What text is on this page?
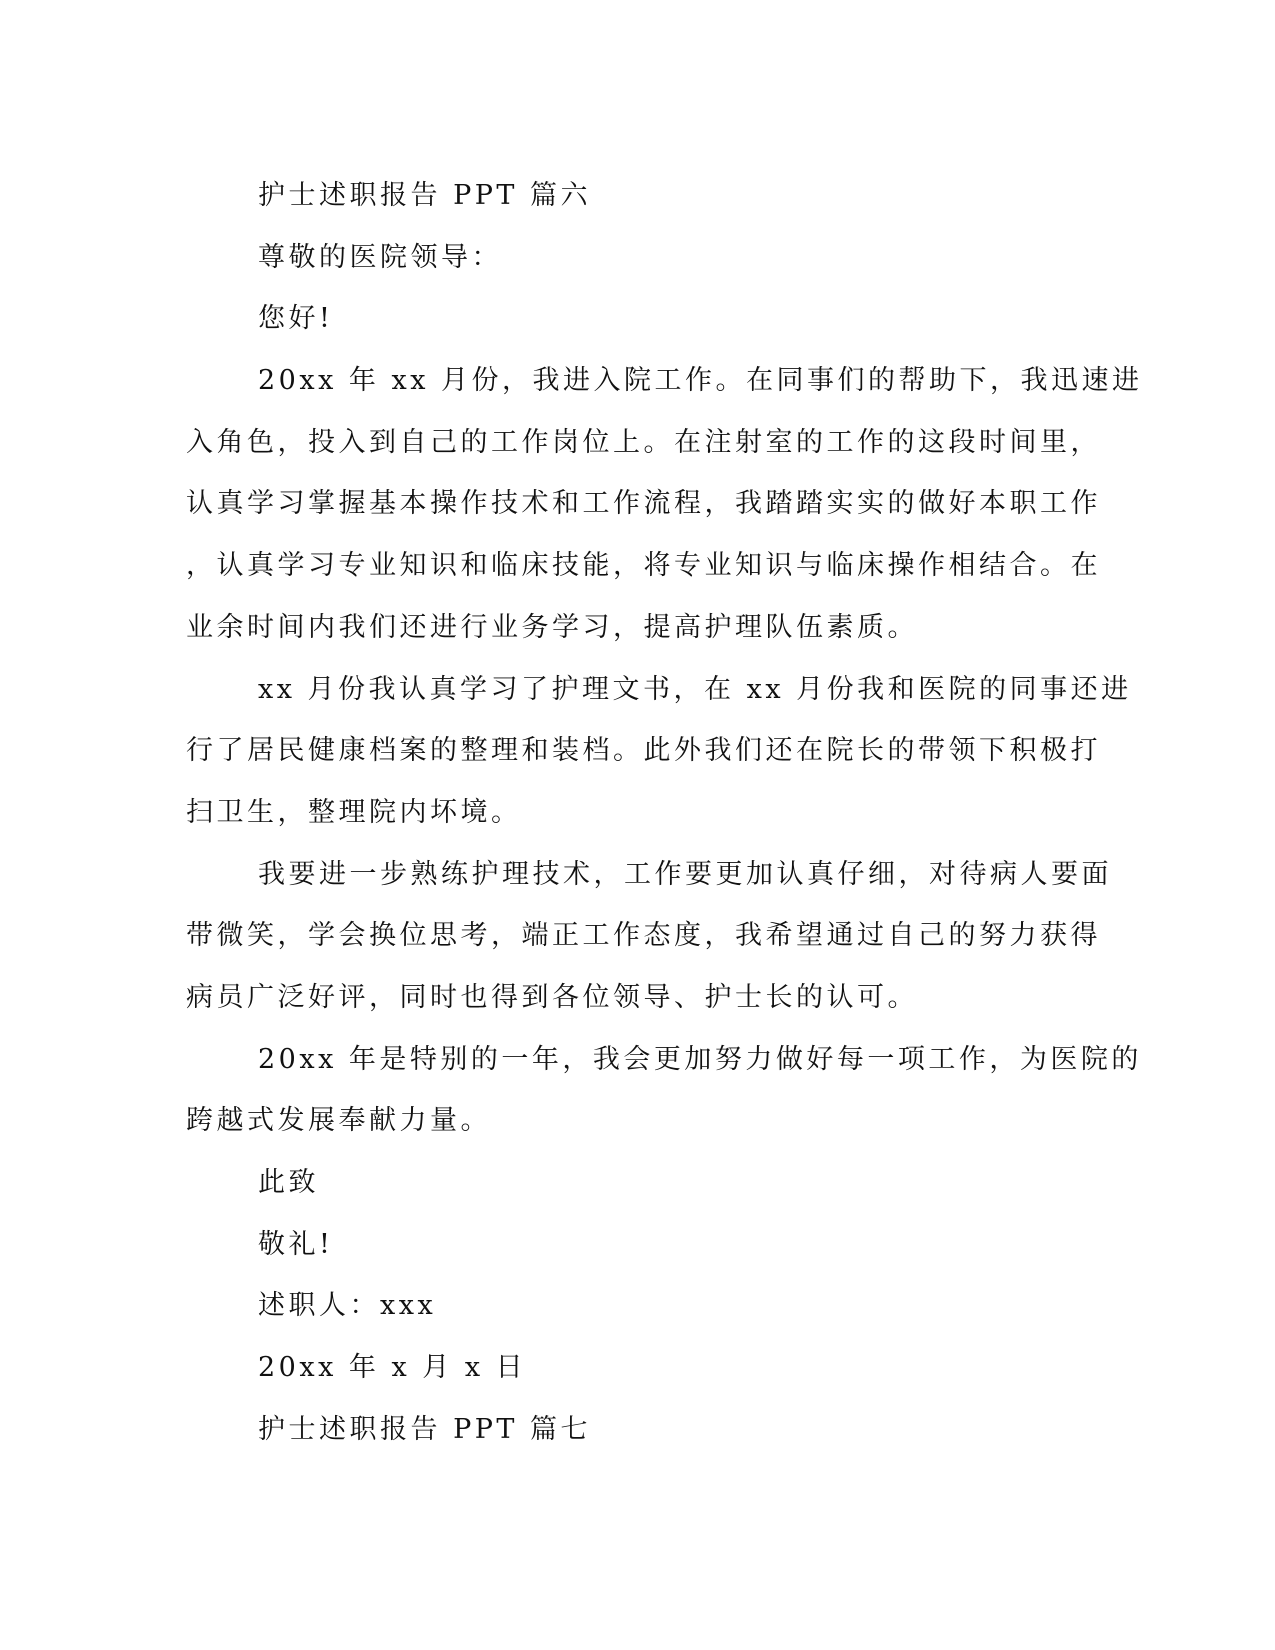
护士述职报告 PPT 篇六
尊敬的医院领导：
您好!
20xx 年 xx 月份，我进入院工作。在同事们的帮助下，我迅速进
入角色，投入到自己的工作岗位上。在注射室的工作的这段时间里，
认真学习掌握基本操作技术和工作流程，我踏踏实实的做好本职工作
，认真学习专业知识和临床技能，将专业知识与临床操作相结合。在
业余时间内我们还进行业务学习，提高护理队伍素质。
xx 月份我认真学习了护理文书，在 xx 月份我和医院的同事还进
行了居民健康档案的整理和装档。此外我们还在院长的带领下积极打
扫卫生，整理院内坏境。
我要进一步熟练护理技术，工作要更加认真仔细，对待病人要面
带微笑，学会换位思考，端正工作态度，我希望通过自己的努力获得
病员广泛好评，同时也得到各位领导、护士长的认可。
20xx 年是特别的一年，我会更加努力做好每一项工作，为医院的
跨越式发展奉献力量。
此致
敬礼!
述职人：xxx
20xx 年 x 月 x 日
护士述职报告 PPT 篇七
